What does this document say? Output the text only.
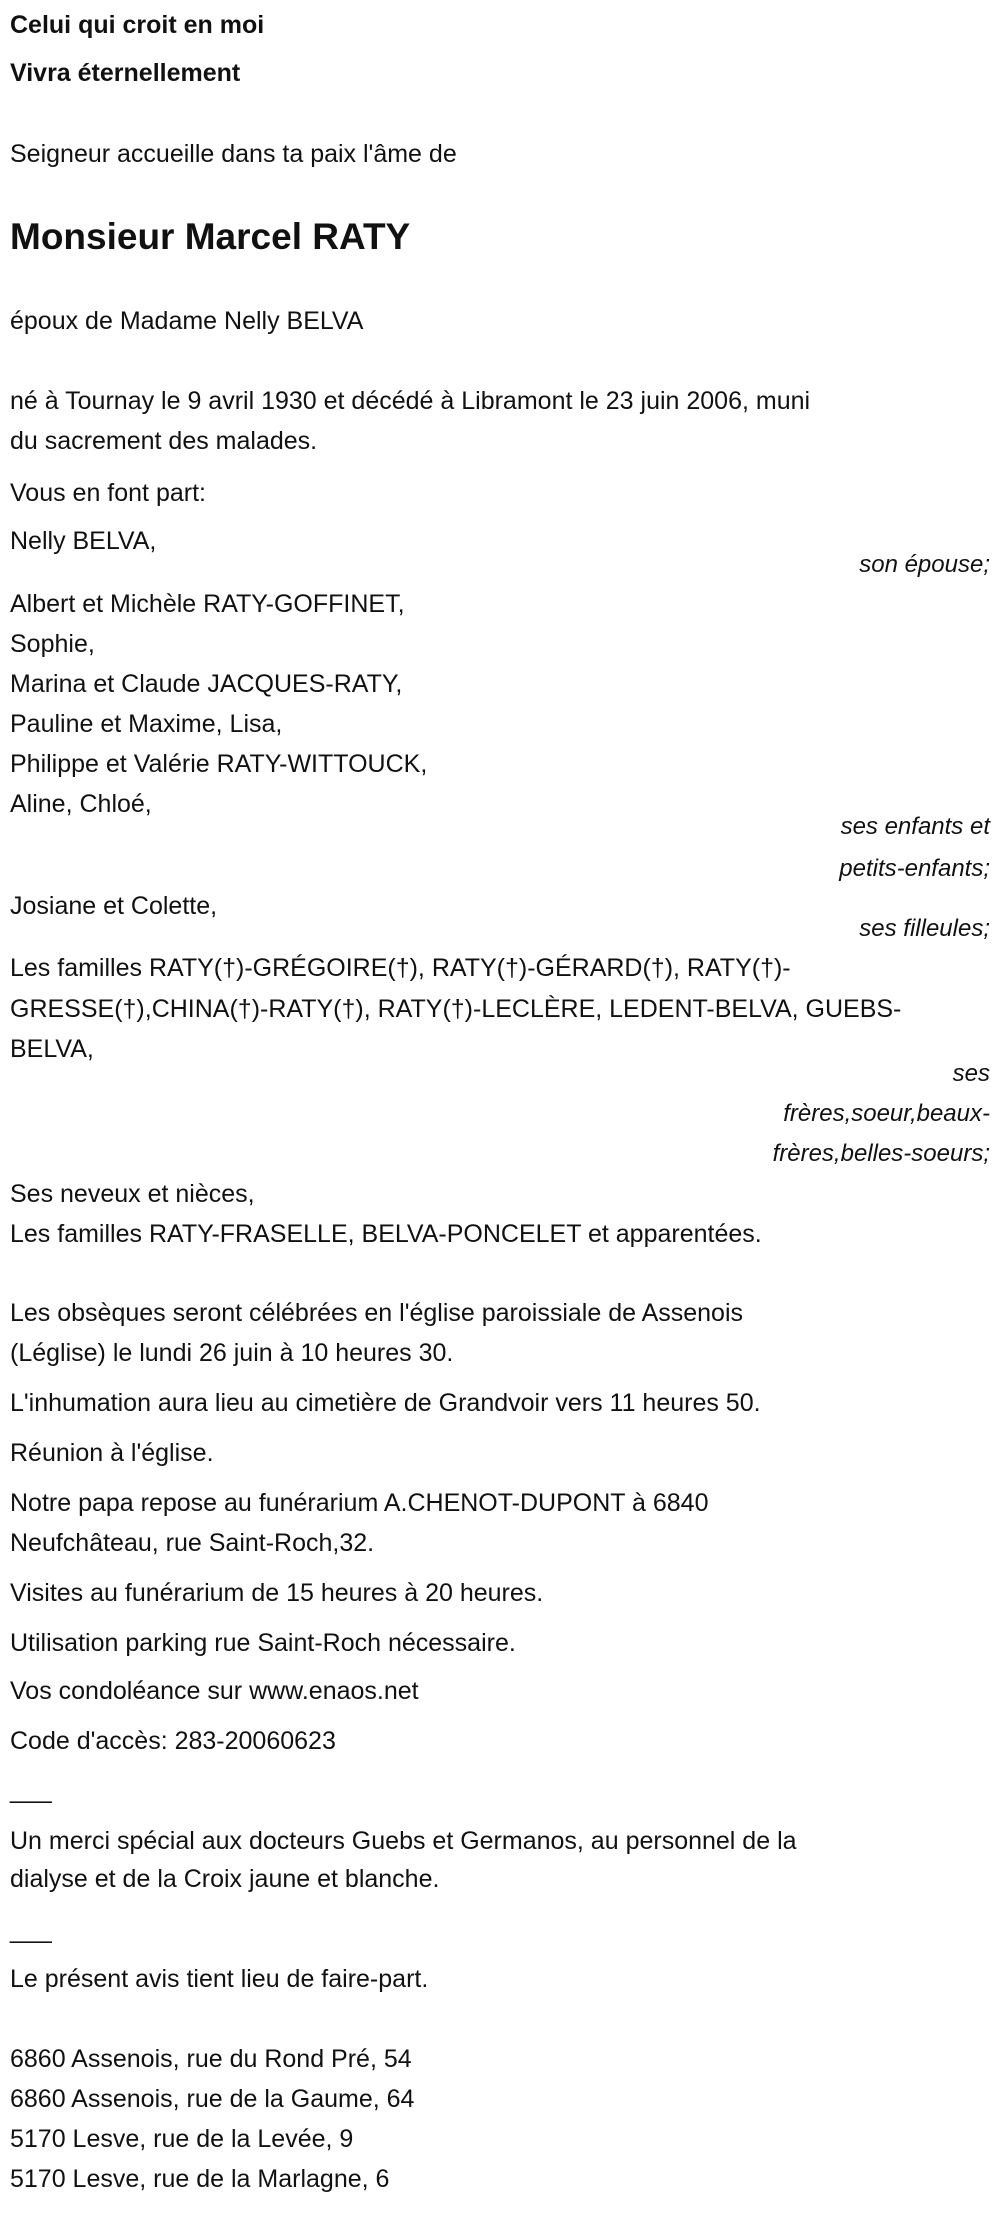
Celui qui croit en moi
Vivra éternellement
Seigneur accueille dans ta paix l'âme de
Monsieur Marcel RATY
époux de Madame Nelly BELVA
né à Tournay le 9 avril 1930 et décédé à Libramont le 23 juin 2006, muni
du sacrement des malades.
Vous en font part:
Nelly BELVA,
son épouse;
Albert et Michèle RATY-GOFFINET,
Sophie,
Marina et Claude JACQUES-RATY,
Pauline et Maxime, Lisa,
Philippe et Valérie RATY-WITTOUCK,
Aline, Chloé,
ses enfants et
petits-enfants;
Josiane et Colette,
ses filleules;
Les familles RATY(†)-GRÉGOIRE(†), RATY(†)-GÉRARD(†), RATY(†)-
GRESSE(†),CHINA(†)-RATY(†), RATY(†)-LECLÈRE, LEDENT-BELVA, GUEBS-
BELVA,
ses
frères,soeur,beaux-
frères,belles-soeurs;
Ses neveux et nièces,
Les familles RATY-FRASELLE, BELVA-PONCELET et apparentées.
Les obsèques seront célébrées en l'église paroissiale de Assenois
(Léglise) le lundi 26 juin à 10 heures 30.
L'inhumation aura lieu au cimetière de Grandvoir vers 11 heures 50.
Réunion à l'église.
Notre papa repose au funérarium A.CHENOT-DUPONT à 6840
Neufchâteau, rue Saint-Roch,32.
Visites au funérarium de 15 heures à 20 heures.
Utilisation parking rue Saint-Roch nécessaire.
Vos condoléance sur www.enaos.net
Code d'accès: 283-20060623
___
Un merci spécial aux docteurs Guebs et Germanos, au personnel de la
dialyse et de la Croix jaune et blanche.
___
Le présent avis tient lieu de faire-part.
6860 Assenois, rue du Rond Pré, 54
6860 Assenois, rue de la Gaume, 64
5170 Lesve, rue de la Levée, 9
5170 Lesve, rue de la Marlagne, 6
